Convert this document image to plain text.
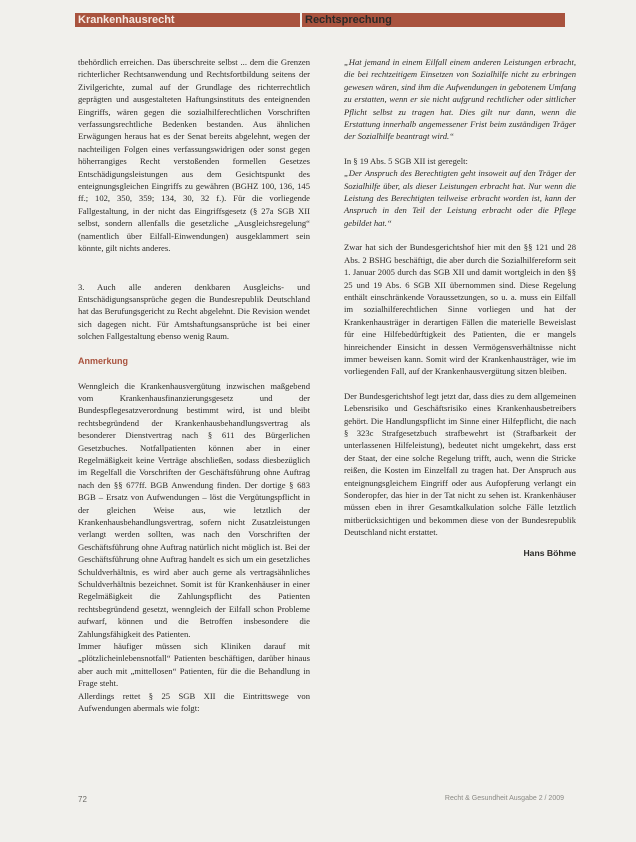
Krankenhausrecht	Rechtsprechung

tbehördlich erreichen. Das überschreite selbst ... dem die Grenzen richterlicher Rechtsanwendung und Rechtsfortbildung seitens der Zivilgerichte, zumal auf der Grundlage des richterrechtlich geprägten und ausgestalteten Haftungsinstituts des enteignenden Eingriffs, wären gegen die sozialhilferechtlichen Vorschriften verfassungsrechtliche Bedenken bestanden. Aus ähnlichen Erwägungen heraus hat es der Senat bereits abgelehnt, wegen der nachteiligen Folgen eines verfassungswidrigen oder sonst gegen höherrangiges Recht verstoßenden formellen Gesetzes Entschädigungsleistungen aus dem Gesichtspunkt des enteignungsgleichen Eingriffs zu gewähren (BGHZ 100, 136, 145 ff.; 102, 350, 359; 134, 30, 32 f.). Für die vorliegende Fallgestaltung, in der nicht das Eingriffsgesetz (§ 27a SGB XII selbst, sondern allenfalls die gesetzliche „Ausgleichsregelung“ (namentlich über Eilfall-Einwendungen) ausgeklammert sein könnte, gilt nichts anderes.

3. Auch alle anderen denkbaren Ausgleichs- und Entschädigungsansprüche gegen die Bundesrepublik Deutschland hat das Berufungsgericht zu Recht abgelehnt. Die Revision wendet sich dagegen nicht. Für Amtshaftungsansprüche ist bei einer solchen Fallgestaltung ebenso wenig Raum.

Anmerkung

Wenngleich die Krankenhausvergütung inzwischen maßgebend vom Krankenhausfinanzierungsgesetz und der Bundespflegesatzverordnung bestimmt wird, ist und bleibt rechtsbegründend der Krankenhausbehandlungsvertrag als besonderer Dienstvertrag nach § 611 des Bürgerlichen Gesetzbuches. Notfallpatienten können aber in einer Regelmäßigkeit keine Verträge abschließen, sodass diesbezüglich im Regelfall die Vorschriften der Geschäftsführung ohne Auftrag nach den §§ 677ff. BGB Anwendung finden. Der dortige § 683 BGB – Ersatz von Aufwendungen – löst die Vergütungspflicht in der gleichen Weise aus, wie letztlich der Krankenhausbehandlungsvertrag, sofern nicht Zusatzleistungen verlangt werden sollten, was nach den Vorschriften der Geschäftsführung ohne Auftrag natürlich nicht möglich ist. Bei der Geschäftsführung ohne Auftrag handelt es sich um ein gesetzliches Schuldverhältnis, es wird aber auch gerne als vertragsähnliches Schuldverhältnis bezeichnet. Somit ist für Krankenhäuser in einer Regelmäßigkeit die Zahlungspflicht des Patienten rechtsbegründend gesetzt, wenngleich der Eilfall schon Probleme aufwarf, können und die Betroffen insbesondere die Zahlungsfähigkeit des Patienten.

Immer häufiger müssen sich Kliniken darauf mit „plötzlicheinlebensnotfall“ Patienten beschäftigen, darüber hinaus aber auch mit „mittellosen“ Patienten, für die die Behandlung in Frage steht.

Allerdings rettet § 25 SGB XII die Eintrittswege von Aufwendungen abermals wie folgt:

„Hat jemand in einem Eilfall einem anderen Leistungen erbracht, die bei rechtzeitigem Einsetzen von Sozialhilfe nicht zu erbringen gewesen wären, sind ihm die Aufwendungen in gebotenem Umfang zu erstatten, wenn er sie nicht aufgrund rechtlicher oder sittlicher Pflicht selbst zu tragen hat. Dies gilt nur dann, wenn die Erstattung innerhalb angemessener Frist beim zuständigen Träger der Sozialhilfe beantragt wird.“

In § 19 Abs. 5 SGB XII ist geregelt:

„Der Anspruch des Berechtigten geht insoweit auf den Träger der Sozialhilfe über, als dieser Leistungen erbracht hat. Nur wenn die Leistung des Berechtigten teilweise erbracht worden ist, kann der Anspruch in den Teil der Leistung erbracht oder die Pflege gebildet hat.“

Zwar hat sich der Bundesgerichtshof hier mit den §§ 121 und 28 Abs. 2 BSHG beschäftigt, die aber durch die Sozialhilfereform seit 1. Januar 2005 durch das SGB XII und damit wortgleich in den §§ 25 und 19 Abs. 6 SGB XII übernommen sind. Diese Regelung enthält einschränkende Voraussetzungen, so u. a. muss ein Eilfall im sozialhilferechtlichen Sinne vorliegen und hat der Krankenhausträger in derartigen Fällen die materielle Beweislast für eine Hilfebedürftigkeit des Patienten, die er mangels hinreichender Einsicht in dessen Vermögensverhältnisse nicht immer beweisen kann. Somit wird der Krankenhausträger, wie im vorliegenden Fall, auf der Krankenhausvergütung sitzen bleiben.

Der Bundesgerichtshof legt jetzt dar, dass dies zu dem allgemeinen Lebensrisiko und Geschäftsrisiko eines Krankenhausbetreibers gehört. Die Handlungspflicht im Sinne einer Hilfepflicht, die nach § 323c Strafgesetzbuch strafbewehrt ist (Strafbarkeit der unterlassenen Hilfeleistung), bedeutet nicht umgekehrt, dass erst der Staat, der eine solche Regelung trifft, auch, wenn die Stricke reißen, die Kosten im Einzelfall zu tragen hat. Der Anspruch aus enteignungsgleichem Eingriff oder aus Aufopferung verlangt ein Sonderopfer, das hier in der Tat nicht zu sehen ist. Krankenhäuser müssen eben in ihrer Gesamtkalkulation solche Fälle letztlich mitberücksichtigen und bekommen diese von der Bundesrepublik Deutschland nicht erstattet.

Hans Böhme
72	Recht & Gesundheit Ausgabe 2 / 2009
